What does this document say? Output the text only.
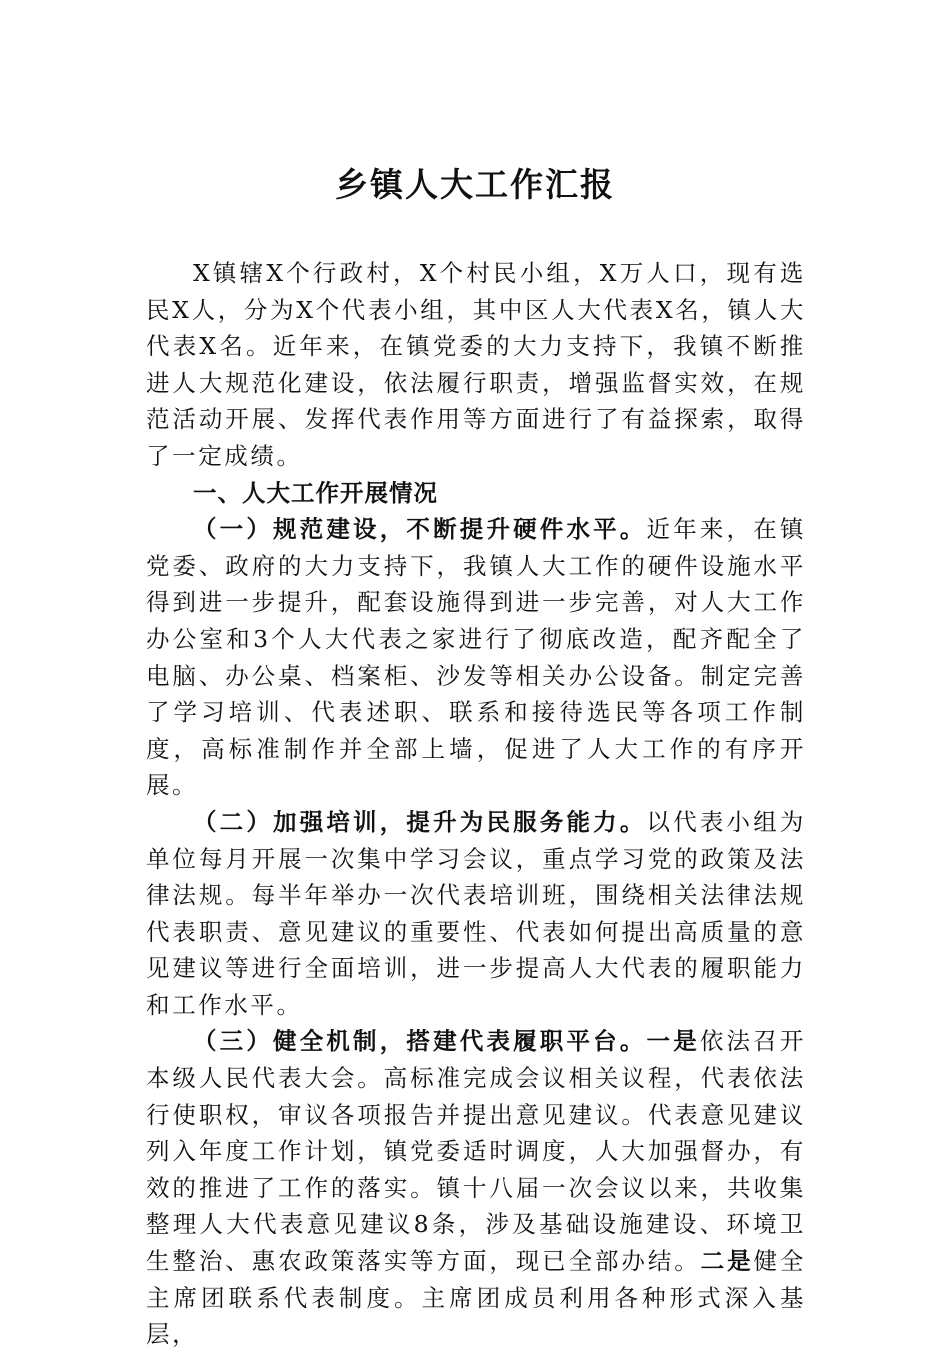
乡镇人大工作汇报

X镇辖X个行政村，X个村民小组，X万人口，现有选民X人，分为X个代表小组，其中区人大代表X名，镇人大代表X名。近年来，在镇党委的大力支持下，我镇不断推进人大规范化建设，依法履行职责，增强监督实效，在规范活动开展、发挥代表作用等方面进行了有益探索，取得了一定成绩。

一、人大工作开展情况

（一）规范建设，不断提升硬件水平。近年来，在镇党委、政府的大力支持下，我镇人大工作的硬件设施水平得到进一步提升，配套设施得到进一步完善，对人大工作办公室和3个人大代表之家进行了彻底改造，配齐配全了电脑、办公桌、档案柜、沙发等相关办公设备。制定完善了学习培训、代表述职、联系和接待选民等各项工作制度，高标准制作并全部上墙，促进了人大工作的有序开展。

（二）加强培训，提升为民服务能力。以代表小组为单位每月开展一次集中学习会议，重点学习党的政策及法律法规。每半年举办一次代表培训班，围绕相关法律法规代表职责、意见建议的重要性、代表如何提出高质量的意见建议等进行全面培训，进一步提高人大代表的履职能力和工作水平。

（三）健全机制，搭建代表履职平台。一是依法召开本级人民代表大会。高标准完成会议相关议程，代表依法行使职权，审议各项报告并提出意见建议。代表意见建议列入年度工作计划，镇党委适时调度，人大加强督办，有效的推进了工作的落实。镇十八届一次会议以来，共收集整理人大代表意见建议8条，涉及基础设施建设、环境卫生整治、惠农政策落实等方面，现已全部办结。二是健全主席团联系代表制度。主席团成员利用各种形式深入基层，
